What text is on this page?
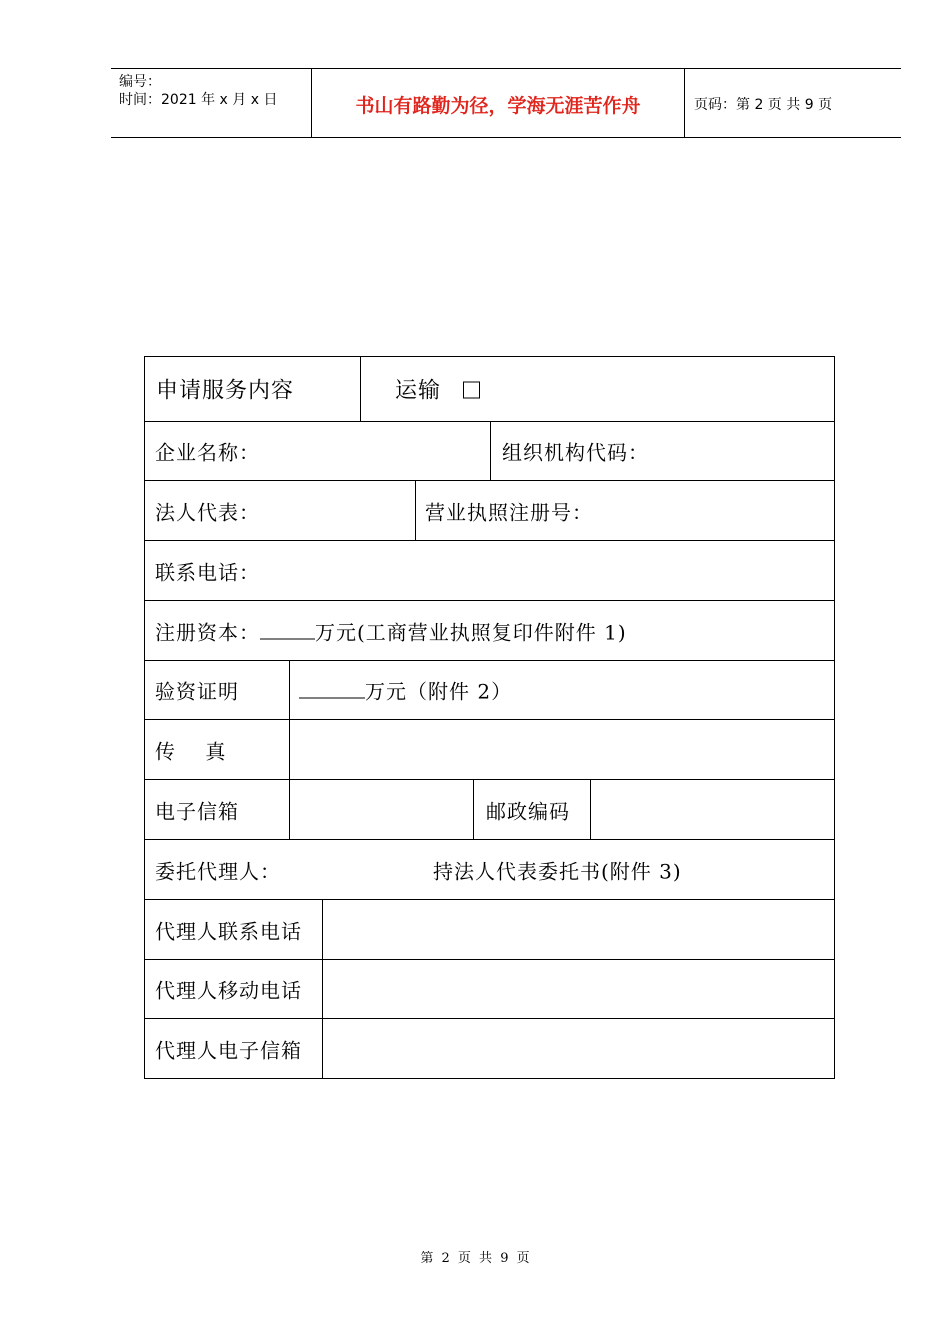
编号：
时间：2021 年 x 月 x 日	书山有路勤为径，学海无涯苦作舟	页码：第 2 页 共 9 页
申请服务内容	运输
企业名称：	组织机构代码：
法人代表：	营业执照注册号：
联系电话：
注册资本：	万元(工商营业执照复印件附件 1)
验资证明	万元（附件 2）
传    真
电子信箱	邮政编码
委托代理人：	持法人代表委托书(附件 3)
代理人联系电话
代理人移动电话
代理人电子信箱
第 2 页 共 9 页
